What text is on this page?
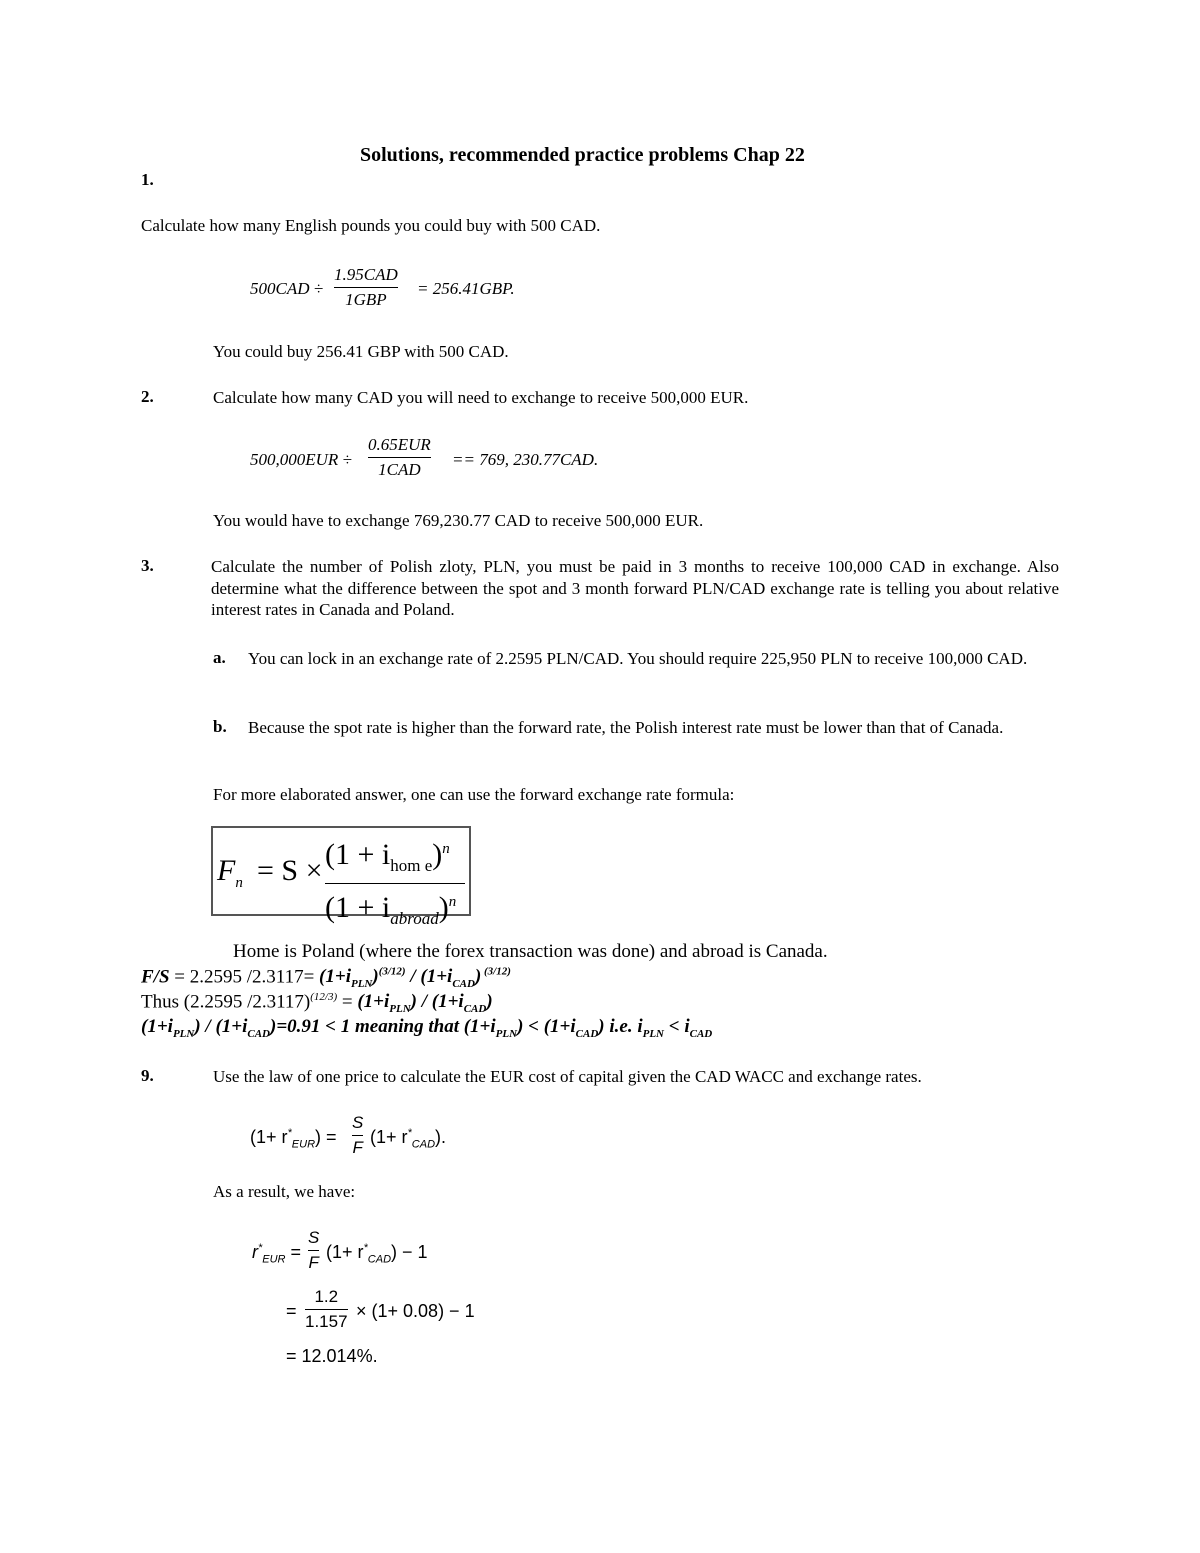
Solutions, recommended practice problems Chap 22
1.
Calculate how many English pounds you could buy with 500 CAD.
500CAD ÷
1.95CAD
1GBP
= 256.41GBP.
You could buy 256.41 GBP with 500 CAD.
2.	Calculate how many CAD you will need to exchange to receive 500,000 EUR.
500,000EUR ÷
0.65EUR
1CAD
== 769, 230.77CAD.
You would have to exchange 769,230.77 CAD to receive 500,000 EUR.
3.	Calculate the number of Polish zloty, PLN, you must be paid in 3 months to receive 100,000 CAD in exchange. Also determine what the difference between the spot and 3 month forward PLN/CAD exchange rate is telling you about relative interest rates in Canada and Poland.
a. You can lock in an exchange rate of 2.2595 PLN/CAD. You should require 225,950 PLN to receive 100,000 CAD.
b. Because the spot rate is higher than the forward rate, the Polish interest rate must be lower than that of Canada.
For more elaborated answer, one can use the forward exchange rate formula:
$F_n = S \times (1 + i_{hom e})^n$
$(1 + i_{abroad})^n$
Home is Poland (where the forex transaction was done) and abroad is Canada.
F/S = 2.2595 $/2.3117= (1+i_{PLN})^{(3/12)} / (1+i_{CAD})$ $^{(3/12)}$
Thus (2.2595 $/2.3117)^{(12/3)} = (1+i_{PLN}) / (1+i_{CAD})$
$(1+i_{PLN}) / (1+i_{CAD})=0.91 < 1$ meaning that $(1+i_{PLN}) < (1+i_{CAD})$ i.e. $i_{PLN} < i_{CAD}$
9.	Use the law of one price to calculate the EUR cost of capital given the CAD WACC and exchange rates.
$(1+ r^*_{EUR})$ =
S
F
$(1+ r^*_{CAD})$.
As a result, we have:
$r^*_{EUR}$ =
S
F
$(1+ r^*_{CAD}) - 1$
=
1.2
1.157
× (1+ 0.08) − 1
= 12.014%.
